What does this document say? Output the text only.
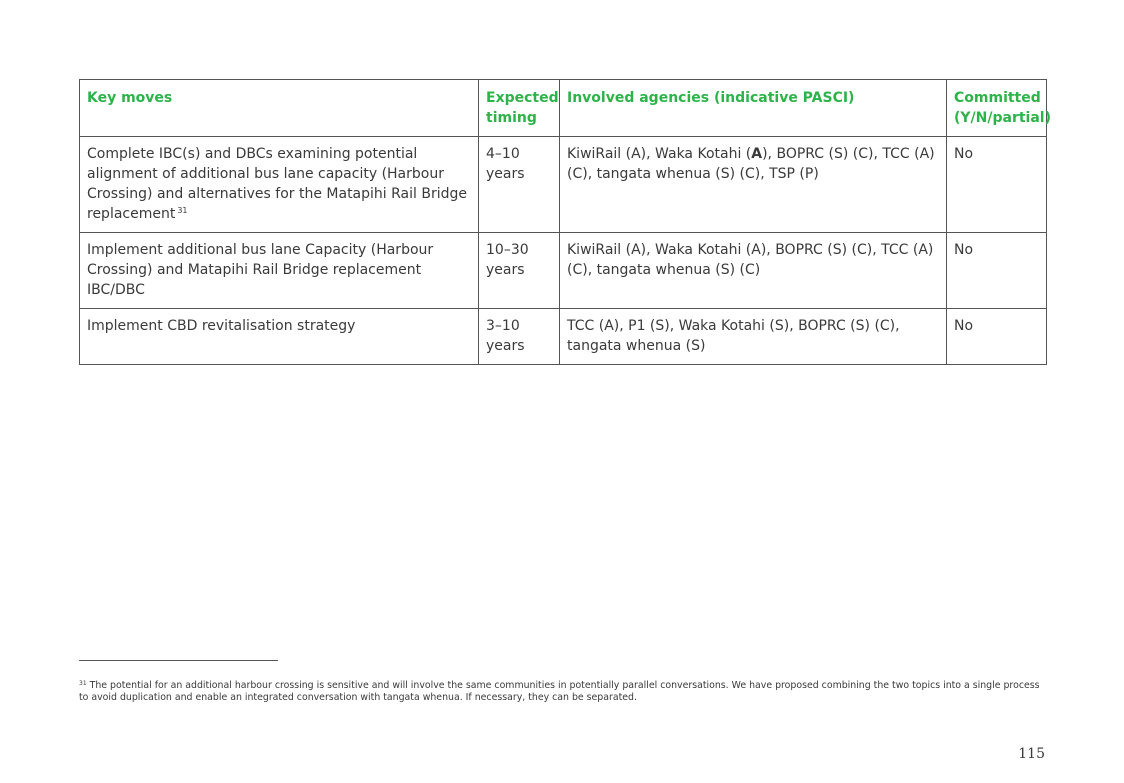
Key moves	Expected timing	Involved agencies (indicative PASCI)	Committed (Y/N/partial)
Complete IBC(s) and DBCs examining potential alignment of additional bus lane capacity (Harbour Crossing) and alternatives for the Matapihi Rail Bridge replacement $^{31}$	4–10 years	KiwiRail (A), Waka Kotahi (A), BOPRC (S) (C), TCC (A) (C), tangata whenua (S) (C), TSP (P)	No
Implement additional bus lane Capacity (Harbour Crossing) and Matapihi Rail Bridge replacement IBC/DBC	10–30 years	KiwiRail (A), Waka Kotahi (A), BOPRC (S) (C), TCC (A) (C), tangata whenua (S) (C)	No
Implement CBD revitalisation strategy	3–10 years	TCC (A), P1 (S), Waka Kotahi (S), BOPRC (S) (C), tangata whenua (S)	No
$^{31}$ The potential for an additional harbour crossing is sensitive and will involve the same communities in potentially parallel conversations. We have proposed combining the two topics into a single process to avoid duplication and enable an integrated conversation with tangata whenua. If necessary, they can be separated.
115
